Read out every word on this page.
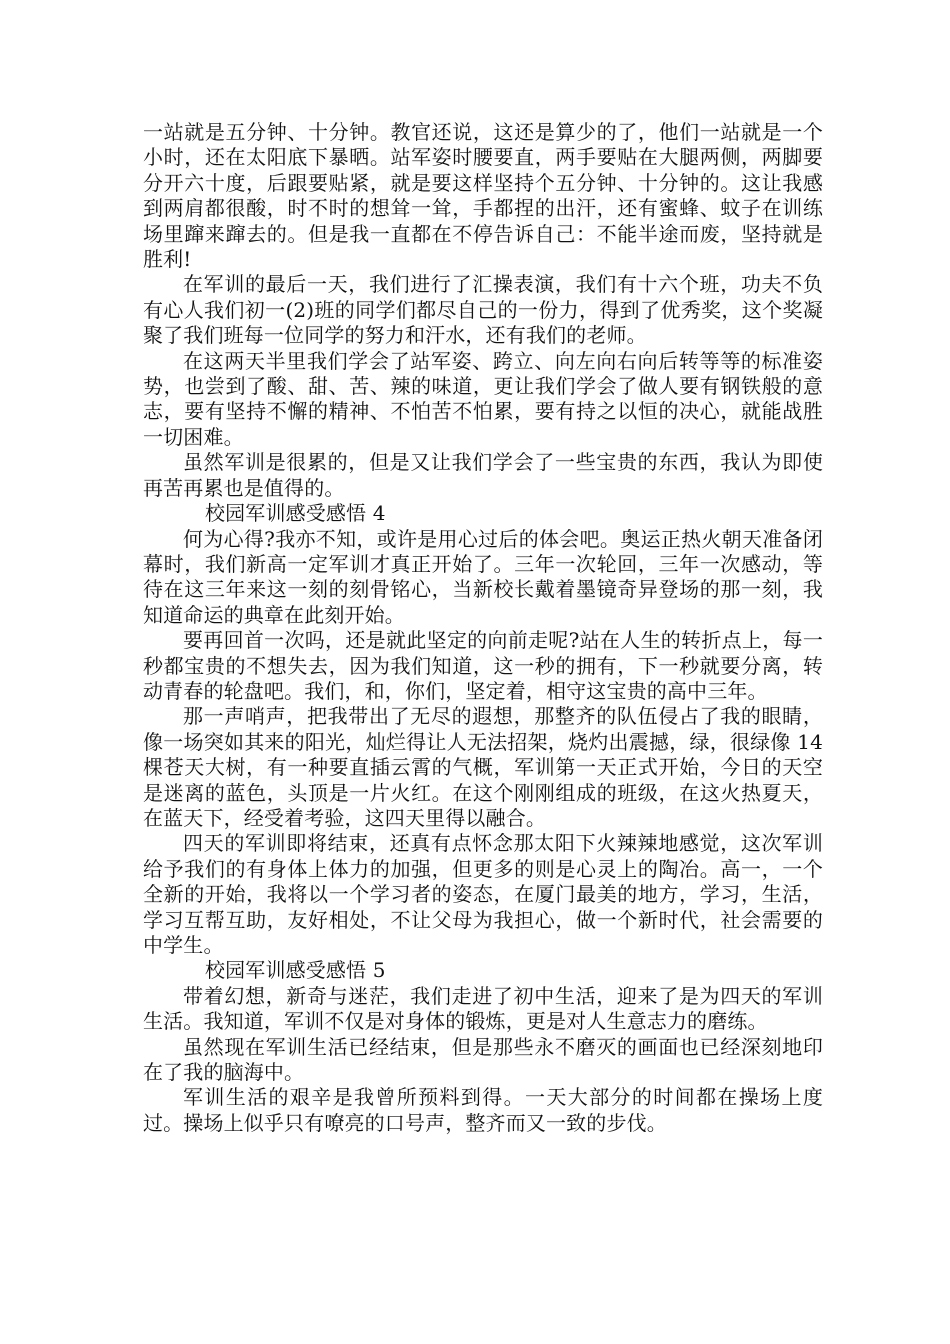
一站就是五分钟、十分钟。教官还说，这还是算少的了，他们一站就是一个小时，还在太阳底下暴晒。站军姿时腰要直，两手要贴在大腿两侧，两脚要分开六十度，后跟要贴紧，就是要这样坚持个五分钟、十分钟的。这让我感到两肩都很酸，时不时的想耸一耸，手都捏的出汗，还有蜜蜂、蚊子在训练场里蹿来蹿去的。但是我一直都在不停告诉自己：不能半途而废，坚持就是胜利!

在军训的最后一天，我们进行了汇操表演，我们有十六个班，功夫不负有心人我们初一(2)班的同学们都尽自己的一份力，得到了优秀奖，这个奖凝聚了我们班每一位同学的努力和汗水，还有我们的老师。

在这两天半里我们学会了站军姿、跨立、向左向右向后转等等的标准姿势，也尝到了酸、甜、苦、辣的味道，更让我们学会了做人要有钢铁般的意志，要有坚持不懈的精神、不怕苦不怕累，要有持之以恒的决心，就能战胜一切困难。

虽然军训是很累的，但是又让我们学会了一些宝贵的东西，我认为即使再苦再累也是值得的。

校园军训感受感悟 4

何为心得?我亦不知，或许是用心过后的体会吧。奥运正热火朝天准备闭幕时，我们新高一定军训才真正开始了。三年一次轮回，三年一次感动，等待在这三年来这一刻的刻骨铭心，当新校长戴着墨镜奇异登场的那一刻，我知道命运的典章在此刻开始。

要再回首一次吗，还是就此坚定的向前走呢?站在人生的转折点上，每一秒都宝贵的不想失去，因为我们知道，这一秒的拥有，下一秒就要分离，转动青春的轮盘吧。我们，和，你们，坚定着，相守这宝贵的高中三年。

那一声哨声，把我带出了无尽的遐想，那整齐的队伍侵占了我的眼睛，像一场突如其来的阳光，灿烂得让人无法招架，烧灼出震撼，绿，很绿像 14 棵苍天大树，有一种要直插云霄的气概，军训第一天正式开始，今日的天空是迷离的蓝色，头顶是一片火红。在这个刚刚组成的班级，在这火热夏天，在蓝天下，经受着考验，这四天里得以融合。

四天的军训即将结束，还真有点怀念那太阳下火辣辣地感觉，这次军训给予我们的有身体上体力的加强，但更多的则是心灵上的陶冶。高一，一个全新的开始，我将以一个学习者的姿态，在厦门最美的地方，学习，生活，学习互帮互助，友好相处，不让父母为我担心，做一个新时代，社会需要的中学生。

校园军训感受感悟 5

带着幻想，新奇与迷茫，我们走进了初中生活，迎来了是为四天的军训生活。我知道，军训不仅是对身体的锻炼，更是对人生意志力的磨练。

虽然现在军训生活已经结束，但是那些永不磨灭的画面也已经深刻地印在了我的脑海中。

军训生活的艰辛是我曾所预料到得。一天大部分的时间都在操场上度过。操场上似乎只有嘹亮的口号声，整齐而又一致的步伐。
